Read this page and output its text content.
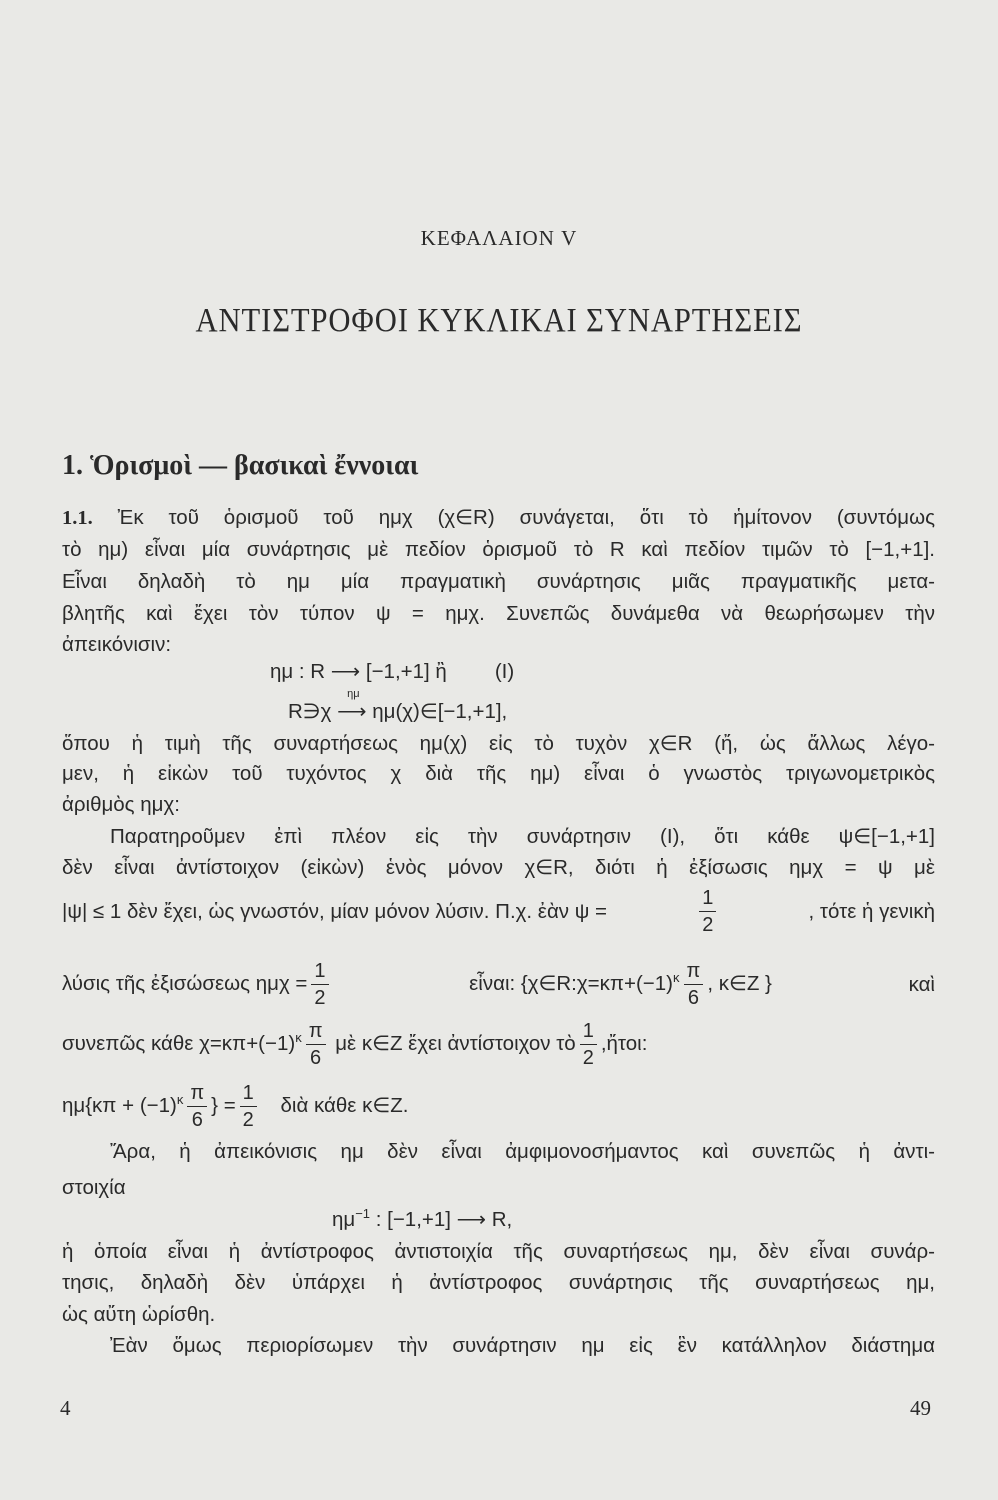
ΚΕΦΑΛΑΙΟΝ V
ΑΝΤΙΣΤΡΟΦΟΙ ΚΥΚΛΙΚΑΙ ΣΥΝΑΡΤΗΣΕΙΣ
1. Ὁρισμοὶ — βασικαὶ ἔννοιαι
1.1. Ἐκ τοῦ ὁρισμοῦ τοῦ ημχ (χ∈R) συνάγεται, ὅτι τὸ ἡμίτονον (συντόμως
τὸ ημ) εἶναι μία συνάρτησις μὲ πεδίον ὁρισμοῦ τὸ R καὶ πεδίον τιμῶν τὸ [−1,+1].
Εἶναι δηλαδὴ τὸ ημ μία πραγματικὴ συνάρτησις μιᾶς πραγματικῆς μετα-
βλητῆς καὶ ἔχει τὸν τύπον ψ = ημχ. Συνεπῶς δυνάμεθα νὰ θεωρήσωμεν τὴν
ἀπεικόνισιν:
ημ : R ⟶ [−1,+1] ἢ (I)
R∋χ
ημ
⟶ ημ(χ)∈[−1,+1],
ὅπου ἡ τιμὴ τῆς συναρτήσεως ημ(χ) εἰς τὸ τυχὸν χ∈R (ἤ, ὡς ἄλλως λέγο-
μεν, ἡ εἰκὼν τοῦ τυχόντος χ διὰ τῆς ημ) εἶναι ὁ γνωστὸς τριγωνομετρικὸς
ἀριθμὸς ημχ:
Παρατηροῦμεν ἐπὶ πλέον εἰς τὴν συνάρτησιν (I), ὅτι κάθε ψ∈[−1,+1]
δὲν εἶναι ἀντίστοιχον (εἰκὼν) ἑνὸς μόνον χ∈R, διότι ἡ ἐξίσωσις ημχ = ψ μὲ
|ψ| ≤ 1 δὲν ἔχει, ὡς γνωστόν, μίαν μόνον λύσιν. Π.χ. ἐὰν ψ =	$\frac{1}{2}$	, τότε ἡ γενικὴ
λύσις τῆς ἐξισώσεως $\eta\mu\chi = \frac{1}{2}$	εἶναι: {$\chi\in R:\chi=\kappa\pi+(-1)^\kappa \frac{\pi}{6}$ , κ∈Z }	καὶ
συνεπῶς κάθε $\chi=\kappa\pi+(-1)^\kappa \frac{\pi}{6}$ μὲ κ∈Z ἔχει ἀντίστοιχον τὸ $\frac{1}{2}$ ,ἤτοι:
$\eta\mu\{\kappa\pi + (-1)^\kappa \frac{\pi}{6}$ } = $\frac{1}{2}$ διὰ κάθε κ∈Z.
Ἄρα, ἡ ἀπεικόνισις ημ δὲν εἶναι ἀμφιμονοσήμαντος καὶ συνεπῶς ἡ ἀντι-
στοιχία
$\eta\mu^{-1}$ : [−1,+1] ⟶ R,
ἡ ὁποία εἶναι ἡ ἀντίστροφος ἀντιστοιχία τῆς συναρτήσεως ημ, δὲν εἶναι συνάρ-
τησις, δηλαδὴ δὲν ὑπάρχει ἡ ἀντίστροφος συνάρτησις τῆς συναρτήσεως ημ,
ὡς αὔτη ὡρίσθη.
Ἐὰν ὅμως περιορίσωμεν τὴν συνάρτησιν ημ εἰς ἓν κατάλληλον διάστημα
4	49
